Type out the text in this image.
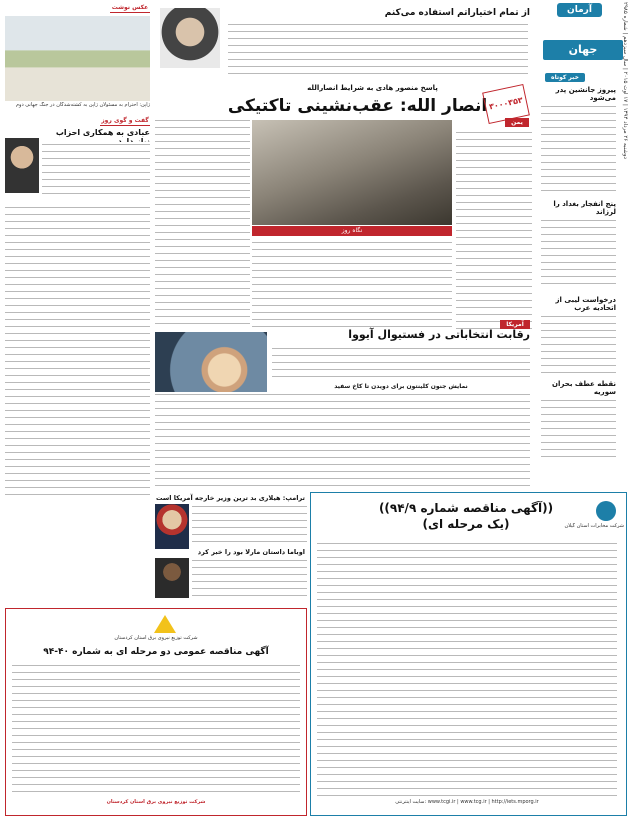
آرمان
جهان
دوشنبه ۲۶ مرداد ۱۳۹۴ | ۱۷ اوت ۲۰۱۵ | سال سیزدهم | شماره ۲۹۸۵
خبر کوتاه
پیروز جانشین پدر می‌شود
پنج انفجار بغداد را لرزاند
درخواست لیبی از اتحادیه عرب
نقطه عطف بحران سوریه
از تمام اختیاراتم استفاده می‌کنم
پاسخ منصور هادی به شرایط انصارالله
انصار الله: عقب‌نشینی تاکتیکی	۳۰۰۰۳۵۳
یمن
نگاه روز
آمریکا
رقابت انتخاباتی در فستیوال آیووا
نمایش جنون کلینتون برای دویدن تا کاخ سفید
عکس نوشت
ژاپن: احترام به مسئولان ژاپن به کشته‌شدگان در جنگ جهانی دوم
گفت و گوی روز
عبادی به همکاری احزاب
ترامپ: هیلاری بد ترین وزیر خارجه آمریکا است
اوباما داستان مارلا بود را خبر کرد
شرکت مخابرات استان گیلان
((آگهی مناقصه شماره ۹۴/۹))
(یک مرحله ای)
سایت اینترنتی: www.tcgi.ir | www.tcg.ir | http://iets.mporg.ir
شرکت توزیع نیروی برق استان کردستان
آگهی مناقصه عمومی دو مرحله ای به شماره ۴۰-۹۴
شرکت توزیع نیروی برق استان کردستان
